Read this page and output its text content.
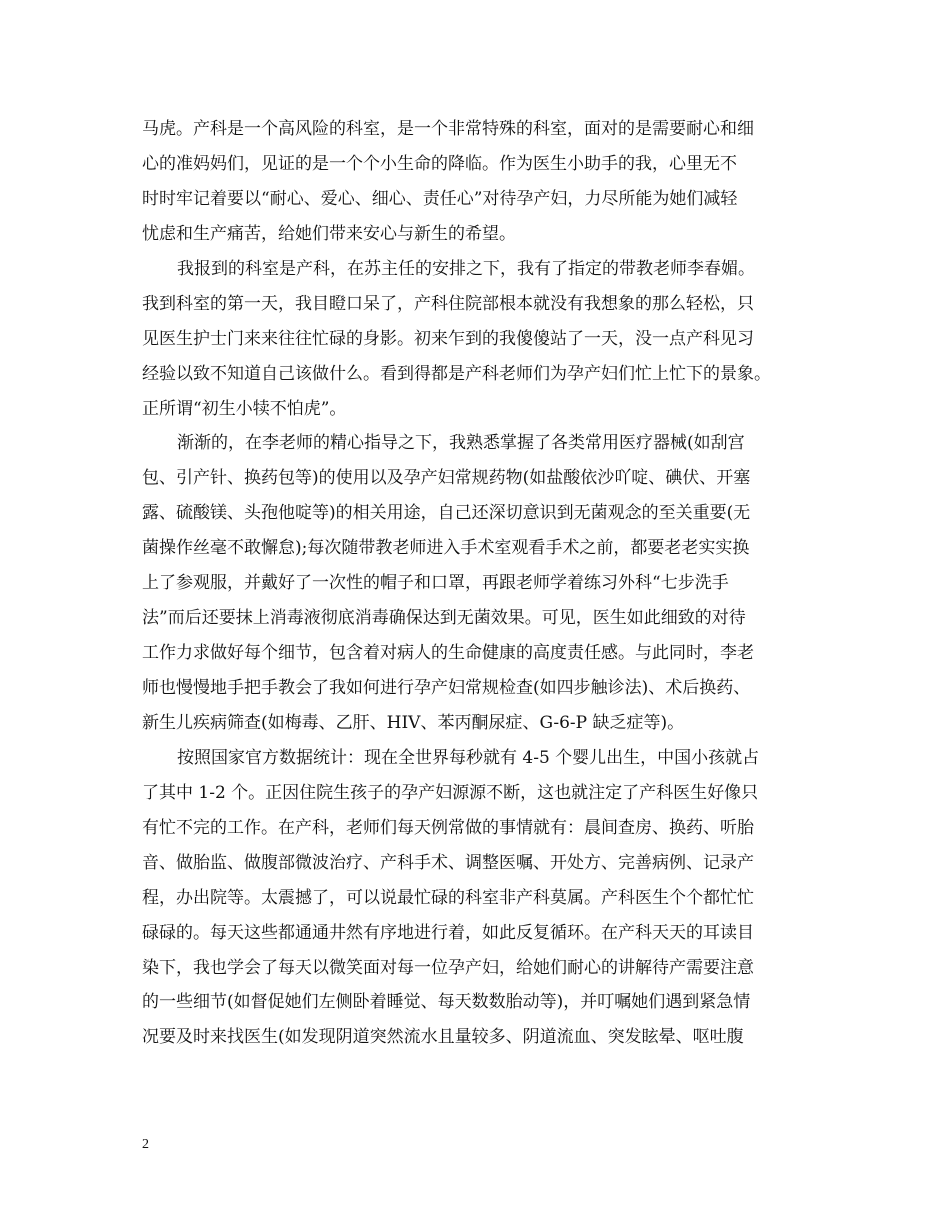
马虎。产科是一个高风险的科室，是一个非常特殊的科室，面对的是需要耐心和细
心的准妈妈们，见证的是一个个小生命的降临。作为医生小助手的我，心里无不
时时牢记着要以“耐心、爱心、细心、责任心”对待孕产妇，力尽所能为她们减轻
忧虑和生产痛苦，给她们带来安心与新生的希望。
我报到的科室是产科，在苏主任的安排之下，我有了指定的带教老师李春媚。
我到科室的第一天，我目瞪口呆了，产科住院部根本就没有我想象的那么轻松，只
见医生护士门来来往往忙碌的身影。初来乍到的我傻傻站了一天，没一点产科见习
经验以致不知道自己该做什么。看到得都是产科老师们为孕产妇们忙上忙下的景象。
正所谓“初生小犊不怕虎”。
渐渐的，在李老师的精心指导之下，我熟悉掌握了各类常用医疗器械(如刮宫
包、引产针、换药包等)的使用以及孕产妇常规药物(如盐酸依沙吖啶、碘伏、开塞
露、硫酸镁、头孢他啶等)的相关用途，自己还深切意识到无菌观念的至关重要(无
菌操作丝毫不敢懈怠);每次随带教老师进入手术室观看手术之前，都要老老实实换
上了参观服，并戴好了一次性的帽子和口罩，再跟老师学着练习外科“七步洗手
法”而后还要抹上消毒液彻底消毒确保达到无菌效果。可见，医生如此细致的对待
工作力求做好每个细节，包含着对病人的生命健康的高度责任感。与此同时，李老
师也慢慢地手把手教会了我如何进行孕产妇常规检查(如四步触诊法)、术后换药、
新生儿疾病筛查(如梅毒、乙肝、HIV、苯丙酮尿症、G-6-P 缺乏症等)。
按照国家官方数据统计：现在全世界每秒就有 4-5 个婴儿出生，中国小孩就占
了其中 1-2 个。正因住院生孩子的孕产妇源源不断，这也就注定了产科医生好像只
有忙不完的工作。在产科，老师们每天例常做的事情就有：晨间查房、换药、听胎
音、做胎监、做腹部微波治疗、产科手术、调整医嘱、开处方、完善病例、记录产
程，办出院等。太震撼了，可以说最忙碌的科室非产科莫属。产科医生个个都忙忙
碌碌的。每天这些都通通井然有序地进行着，如此反复循环。在产科天天的耳读目
染下，我也学会了每天以微笑面对每一位孕产妇，给她们耐心的讲解待产需要注意
的一些细节(如督促她们左侧卧着睡觉、每天数数胎动等)，并叮嘱她们遇到紧急情
况要及时来找医生(如发现阴道突然流水且量较多、阴道流血、突发眩晕、呕吐腹
2
